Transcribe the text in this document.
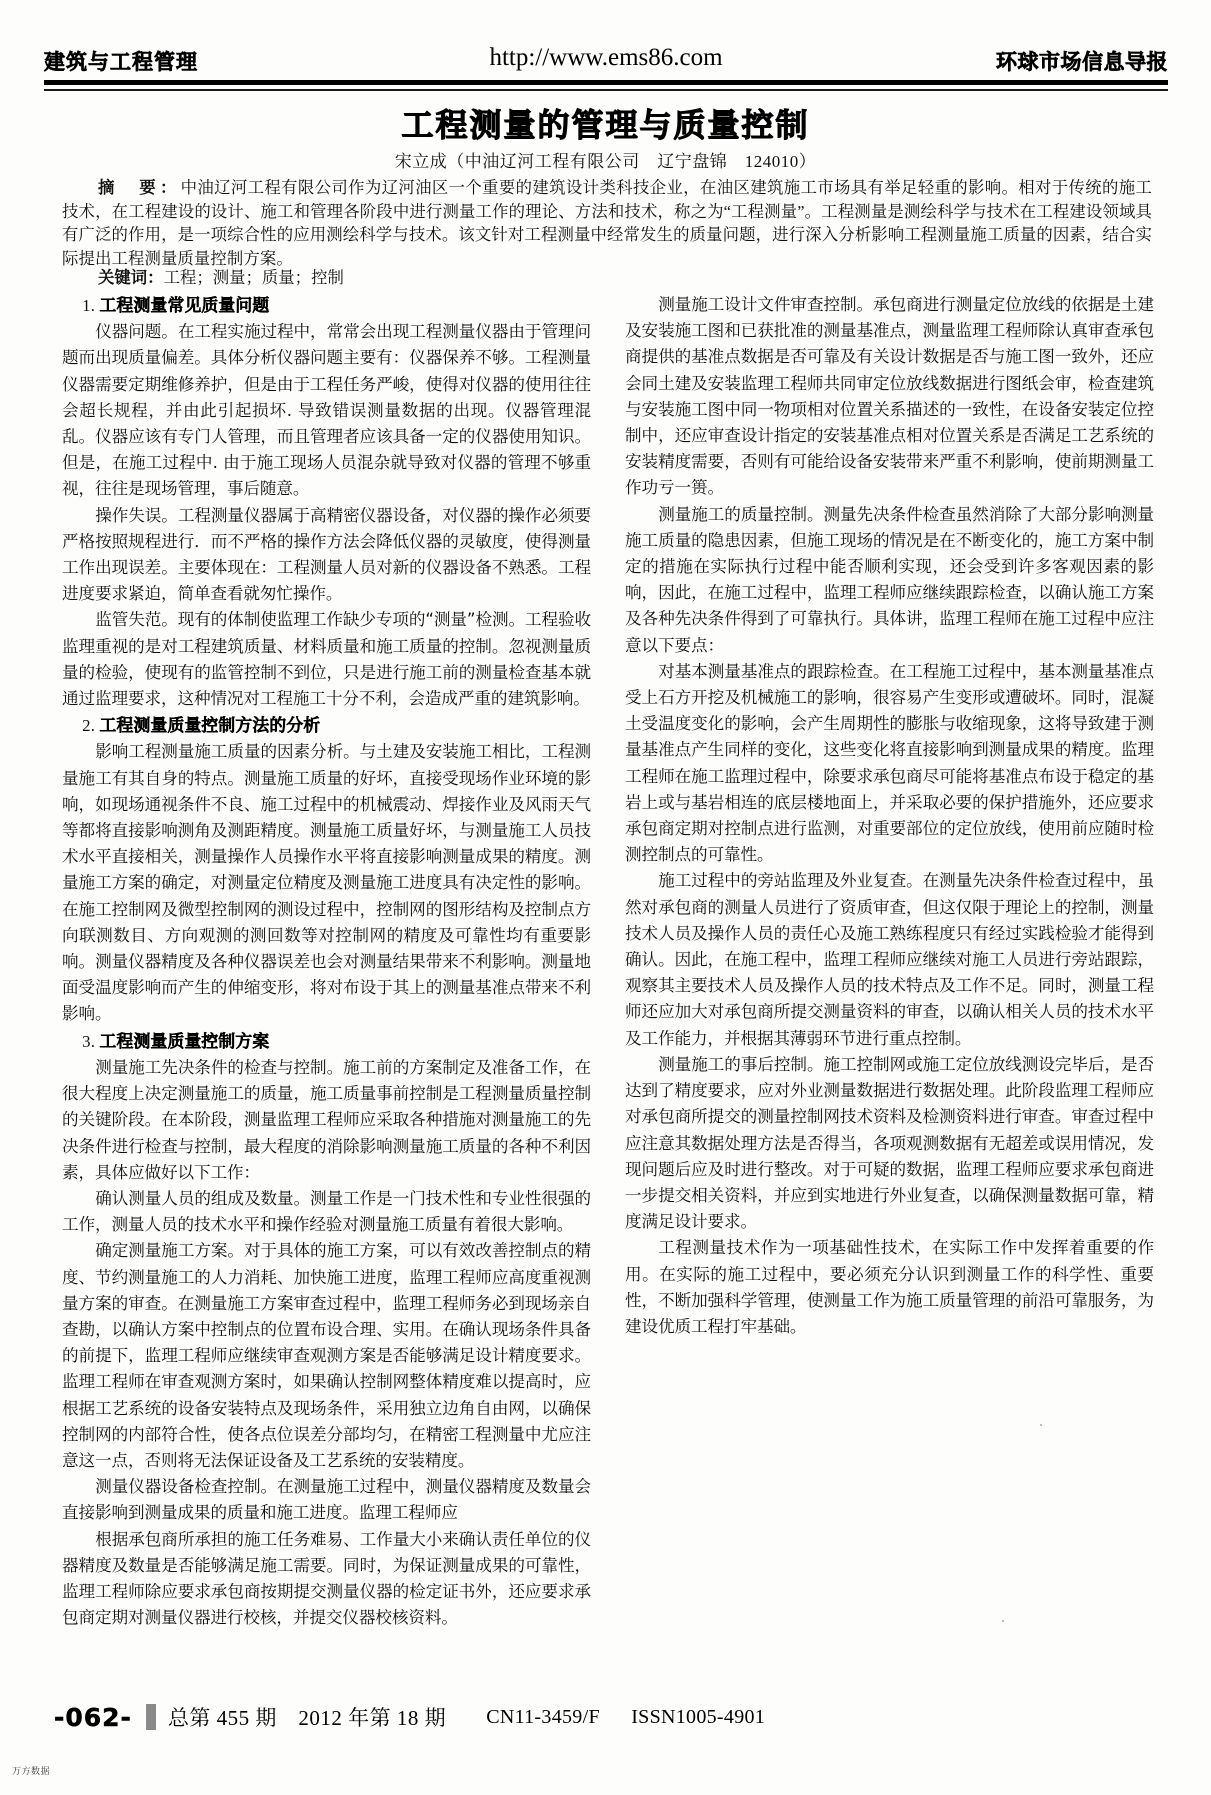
建筑与工程管理	http://www.ems86.com	环球市场信息导报
工程测量的管理与质量控制
宋立成（中油辽河工程有限公司　辽宁盘锦　124010）
摘　要：中油辽河工程有限公司作为辽河油区一个重要的建筑设计类科技企业，在油区建筑施工市场具有举足轻重的影响。相对于传统的施工技术，在工程建设的设计、施工和管理各阶段中进行测量工作的理论、方法和技术，称之为“工程测量”。工程测量是测绘科学与技术在工程建设领域具有广泛的作用，是一项综合性的应用测绘科学与技术。该文针对工程测量中经常发生的质量问题，进行深入分析影响工程测量施工质量的因素，结合实际提出工程测量质量控制方案。
关键词：工程；测量；质量；控制
1. 工程测量常见质量问题

仪器问题。在工程实施过程中，常常会出现工程测量仪器由于管理问题而出现质量偏差。具体分析仪器问题主要有：仪器保养不够。工程测量仪器需要定期维修养护，但是由于工程任务严峻，使得对仪器的使用往往会超长规程，并由此引起损坏. 导致错误测量数据的出现。仪器管理混乱。仪器应该有专门人管理，而且管理者应该具备一定的仪器使用知识。但是，在施工过程中. 由于施工现场人员混杂就导致对仪器的管理不够重视，往往是现场管理，事后随意。

操作失误。工程测量仪器属于高精密仪器设备，对仪器的操作必须要严格按照规程进行．而不严格的操作方法会降低仪器的灵敏度，使得测量工作出现误差。主要体现在：工程测量人员对新的仪器设备不熟悉。工程进度要求紧迫，简单查看就匆忙操作。

监管失范。现有的体制使监理工作缺少专项的“测量”检测。工程验收监理重视的是对工程建筑质量、材料质量和施工质量的控制。忽视测量质量的检验，使现有的监管控制不到位，只是进行施工前的测量检查基本就通过监理要求，这种情况对工程施工十分不利，会造成严重的建筑影响。

2. 工程测量质量控制方法的分析

影响工程测量施工质量的因素分析。与土建及安装施工相比，工程测量施工有其自身的特点。测量施工质量的好坏，直接受现场作业环境的影响，如现场通视条件不良、施工过程中的机械震动、焊接作业及风雨天气等都将直接影响测角及测距精度。测量施工质量好坏，与测量施工人员技术水平直接相关，测量操作人员操作水平将直接影响测量成果的精度。测量施工方案的确定，对测量定位精度及测量施工进度具有决定性的影响。在施工控制网及微型控制网的测设过程中，控制网的图形结构及控制点方向联测数目、方向观测的测回数等对控制网的精度及可靠性均有重要影响。测量仪器精度及各种仪器误差也会对测量结果带来不利影响。测量地面受温度影响而产生的伸缩变形，将对布设于其上的测量基准点带来不利影响。

3. 工程测量质量控制方案

测量施工先决条件的检查与控制。施工前的方案制定及准备工作，在很大程度上决定测量施工的质量，施工质量事前控制是工程测量质量控制的关键阶段。在本阶段，测量监理工程师应采取各种措施对测量施工的先决条件进行检查与控制，最大程度的消除影响测量施工质量的各种不利因素，具体应做好以下工作：

确认测量人员的组成及数量。测量工作是一门技术性和专业性很强的工作，测量人员的技术水平和操作经验对测量施工质量有着很大影响。

确定测量施工方案。对于具体的施工方案，可以有效改善控制点的精度、节约测量施工的人力消耗、加快施工进度，监理工程师应高度重视测量方案的审查。在测量施工方案审查过程中，监理工程师务必到现场亲自查勘，以确认方案中控制点的位置布设合理、实用。在确认现场条件具备的前提下，监理工程师应继续审查观测方案是否能够满足设计精度要求。监理工程师在审查观测方案时，如果确认控制网整体精度难以提高时，应根据工艺系统的设备安装特点及现场条件，采用独立边角自由网，以确保控制网的内部符合性，使各点位误差分部均匀，在精密工程测量中尤应注意这一点，否则将无法保证设备及工艺系统的安装精度。

测量仪器设备检查控制。在测量施工过程中，测量仪器精度及数量会直接影响到测量成果的质量和施工进度。监理工程师应

根据承包商所承担的施工任务难易、工作量大小来确认责任单位的仪器精度及数量是否能够满足施工需要。同时，为保证测量成果的可靠性，监理工程师除应要求承包商按期提交测量仪器的检定证书外，还应要求承包商定期对测量仪器进行校核，并提交仪器校核资料。

测量施工设计文件审查控制。承包商进行测量定位放线的依据是土建及安装施工图和已获批准的测量基准点，测量监理工程师除认真审查承包商提供的基准点数据是否可靠及有关设计数据是否与施工图一致外，还应会同土建及安装监理工程师共同审定位放线数据进行图纸会审，检查建筑与安装施工图中同一物项相对位置关系描述的一致性，在设备安装定位控制中，还应审查设计指定的安装基准点相对位置关系是否满足工艺系统的安装精度需要，否则有可能给设备安装带来严重不利影响，使前期测量工作功亏一篑。

测量施工的质量控制。测量先决条件检查虽然消除了大部分影响测量施工质量的隐患因素，但施工现场的情况是在不断变化的，施工方案中制定的措施在实际执行过程中能否顺利实现，还会受到许多客观因素的影响，因此，在施工过程中，监理工程师应继续跟踪检查，以确认施工方案及各种先决条件得到了可靠执行。具体讲，监理工程师在施工过程中应注意以下要点：

对基本测量基准点的跟踪检查。在工程施工过程中，基本测量基准点受上石方开挖及机械施工的影响，很容易产生变形或遭破坏。同时，混凝土受温度变化的影响，会产生周期性的膨胀与收缩现象，这将导致建于测量基准点产生同样的变化，这些变化将直接影响到测量成果的精度。监理工程师在施工监理过程中，除要求承包商尽可能将基准点布设于稳定的基岩上或与基岩相连的底层楼地面上，并采取必要的保护措施外，还应要求承包商定期对控制点进行监测，对重要部位的定位放线，使用前应随时检测控制点的可靠性。

施工过程中的旁站监理及外业复查。在测量先决条件检查过程中，虽然对承包商的测量人员进行了资质审查，但这仅限于理论上的控制，测量技术人员及操作人员的责任心及施工熟练程度只有经过实践检验才能得到确认。因此，在施工程中，监理工程师应继续对施工人员进行旁站跟踪，观察其主要技术人员及操作人员的技术特点及工作不足。同时，测量工程师还应加大对承包商所提交测量资料的审查，以确认相关人员的技术水平及工作能力，并根据其薄弱环节进行重点控制。

测量施工的事后控制。施工控制网或施工定位放线测设完毕后，是否达到了精度要求，应对外业测量数据进行数据处理。此阶段监理工程师应对承包商所提交的测量控制网技术资料及检测资料进行审查。审查过程中应注意其数据处理方法是否得当，各项观测数据有无超差或误用情况，发现问题后应及时进行整改。对于可疑的数据，监理工程师应要求承包商进一步提交相关资料，并应到实地进行外业复查，以确保测量数据可靠，精度满足设计要求。

工程测量技术作为一项基础性技术，在实际工作中发挥着重要的作用。在实际的施工过程中，要必须充分认识到测量工作的科学性、重要性，不断加强科学管理，使测量工作为施工质量管理的前沿可靠服务，为建设优质工程打牢基础。

-062- 总第 455 期　2012 年第 18 期 CN11-3459/F ISSN1005-4901
万方数据
